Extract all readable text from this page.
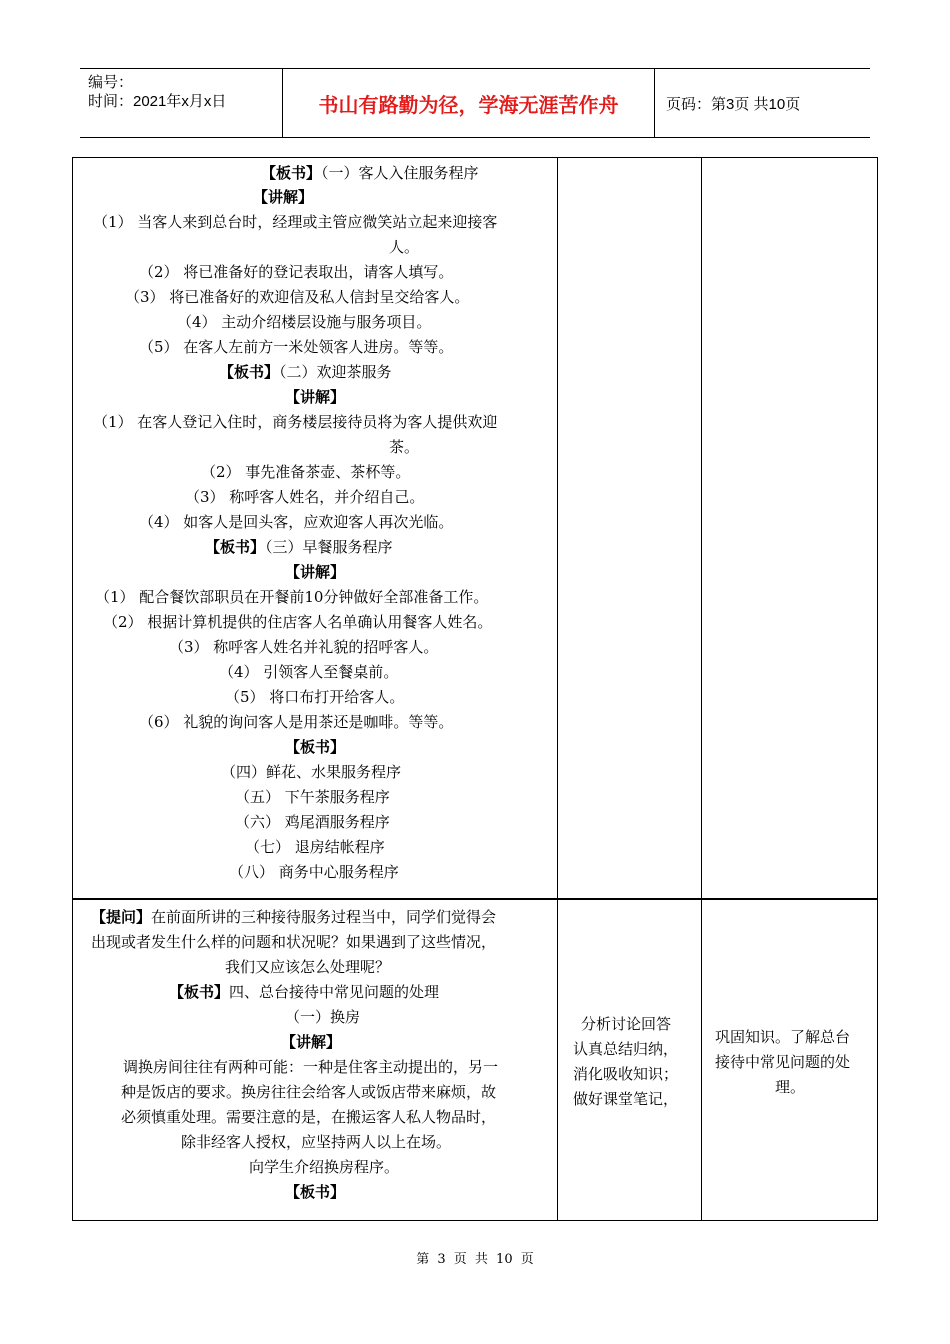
编号：
时间：2021年x月x日	书山有路勤为径，学海无涯苦作舟	页码：第3页 共10页
【板书】（一）客人入住服务程序
【讲解】
（1） 当客人来到总台时，经理或主管应微笑站立起来迎接客
人。
（2） 将已准备好的登记表取出，请客人填写。
（3） 将已准备好的欢迎信及私人信封呈交给客人。
（4） 主动介绍楼层设施与服务项目。
（5） 在客人左前方一米处领客人进房。等等。
【板书】（二）欢迎茶服务
【讲解】
（1） 在客人登记入住时，商务楼层接待员将为客人提供欢迎
茶。
（2） 事先准备茶壶、茶杯等。
（3） 称呼客人姓名，并介绍自己。
（4） 如客人是回头客，应欢迎客人再次光临。
【板书】（三）早餐服务程序
【讲解】
（1） 配合餐饮部职员在开餐前10分钟做好全部准备工作。
（2） 根据计算机提供的住店客人名单确认用餐客人姓名。
（3） 称呼客人姓名并礼貌的招呼客人。
（4） 引领客人至餐桌前。
（5） 将口布打开给客人。
（6） 礼貌的询问客人是用茶还是咖啡。等等。
【板书】
（四）鲜花、水果服务程序
（五） 下午茶服务程序
（六） 鸡尾酒服务程序
（七） 退房结帐程序
（八） 商务中心服务程序
【提问】在前面所讲的三种接待服务过程当中，同学们觉得会
出现或者发生什么样的问题和状况呢？如果遇到了这些情况，
我们又应该怎么处理呢？
【板书】四、总台接待中常见问题的处理
（一）换房
【讲解】
调换房间往往有两种可能：一种是住客主动提出的，另一
种是饭店的要求。换房往往会给客人或饭店带来麻烦，故
必须慎重处理。需要注意的是，在搬运客人私人物品时，
除非经客人授权，应坚持两人以上在场。
向学生介绍换房程序。
【板书】
分析讨论回答
认真总结归纳，
消化吸收知识；
做好课堂笔记，
巩固知识。了解总台
接待中常见问题的处
理。
第 3 页 共 10 页
